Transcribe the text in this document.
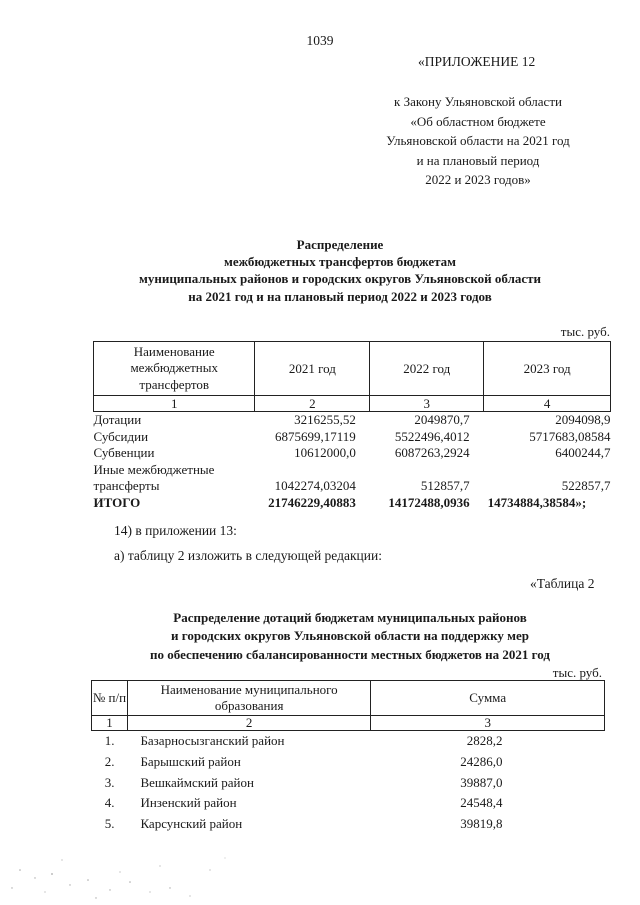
1039
«ПРИЛОЖЕНИЕ 12
к Закону Ульяновской области
«Об областном бюджете
Ульяновской области на 2021 год
и на плановый период
2022 и 2023 годов»
Распределение
межбюджетных трансфертов бюджетам
муниципальных районов и городских округов Ульяновской области
на 2021 год и на плановый период 2022 и 2023 годов
тыс. руб.
Наименование межбюджетных трансфертов	2021 год	2022 год	2023 год
1	2	3	4
Дотации	3216255,52	2049870,7	2094098,9
Субсидии	6875699,17119	5522496,4012	5717683,08584
Субвенции	10612000,0	6087263,2924	6400244,7
Иные межбюджетные			
трансферты	1042274,03204	512857,7	522857,7
ИТОГО	21746229,40883	14172488,0936	14734884,38584»;
14) в приложении 13:
а) таблицу 2 изложить в следующей редакции:
«Таблица 2
Распределение дотаций бюджетам муниципальных районов
и городских округов Ульяновской области на поддержку мер
по обеспечению сбалансированности местных бюджетов на 2021 год
тыс. руб.
№ п/п	Наименование муниципального образования	Сумма
1	2	3
1.	Базарносызганский район	2828,2
2.	Барышский район	24286,0
3.	Вешкаймский район	39887,0
4.	Инзенский район	24548,4
5.	Карсунский район	39819,8
